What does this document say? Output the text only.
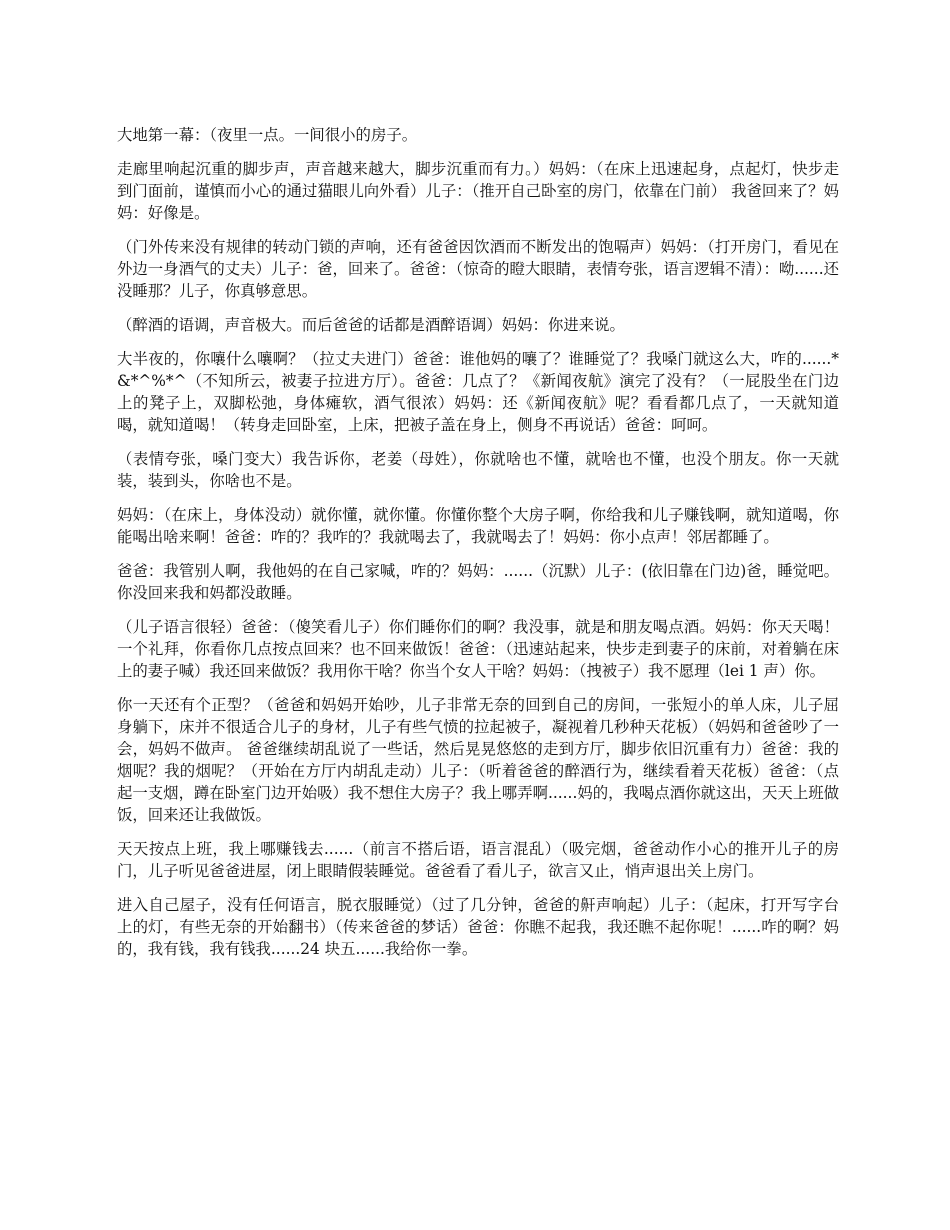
大地第一幕：（夜里一点。一间很小的房子。

走廊里响起沉重的脚步声，声音越来越大，脚步沉重而有力。）妈妈：（在床上迅速起身，点起灯，快步走到门面前，谨慎而小心的通过猫眼儿向外看）儿子：（推开自己卧室的房门，依靠在门前） 我爸回来了？妈妈：好像是。

（门外传来没有规律的转动门锁的声响，还有爸爸因饮酒而不断发出的饱嗝声）妈妈：（打开房门，看见在外边一身酒气的丈夫）儿子：爸，回来了。爸爸：（惊奇的瞪大眼睛，表情夸张，语言逻辑不清）：呦......还没睡那？儿子，你真够意思。

（醉酒的语调，声音极大。而后爸爸的话都是酒醉语调）妈妈：你进来说。

大半夜的，你嚷什么嚷啊？（拉丈夫进门）爸爸：谁他妈的嚷了？谁睡觉了？我嗓门就这么大，咋的......*&*^%*^（不知所云，被妻子拉进方厅）。爸爸：几点了？《新闻夜航》演完了没有？（一屁股坐在门边上的凳子上，双脚松弛，身体瘫软，酒气很浓）妈妈：还《新闻夜航》呢？看看都几点了，一天就知道喝，就知道喝！（转身走回卧室，上床，把被子盖在身上，侧身不再说话）爸爸：呵呵。

（表情夸张，嗓门变大）我告诉你，老姜（母姓），你就啥也不懂，就啥也不懂，也没个朋友。你一天就装，装到头，你啥也不是。

妈妈：（在床上，身体没动）就你懂，就你懂。你懂你整个大房子啊，你给我和儿子赚钱啊，就知道喝，你能喝出啥来啊！爸爸：咋的？我咋的？我就喝去了，我就喝去了！妈妈：你小点声！邻居都睡了。

爸爸：我管别人啊，我他妈的在自己家喊，咋的？妈妈：......（沉默）儿子：(依旧靠在门边)爸，睡觉吧。你没回来我和妈都没敢睡。

（儿子语言很轻）爸爸：（傻笑看儿子）你们睡你们的啊？我没事，就是和朋友喝点酒。妈妈：你天天喝！一个礼拜，你看你几点按点回来？也不回来做饭！爸爸：（迅速站起来，快步走到妻子的床前，对着躺在床上的妻子喊）我还回来做饭？我用你干啥？你当个女人干啥？妈妈：（拽被子）我不愿理（lei 1 声）你。

你一天还有个正型？（爸爸和妈妈开始吵，儿子非常无奈的回到自己的房间，一张短小的单人床，儿子屈身躺下，床并不很适合儿子的身材，儿子有些气愤的拉起被子，凝视着几秒种天花板）（妈妈和爸爸吵了一会，妈妈不做声。 爸爸继续胡乱说了一些话，然后晃晃悠悠的走到方厅，脚步依旧沉重有力）爸爸：我的烟呢？我的烟呢？（开始在方厅内胡乱走动）儿子：（听着爸爸的醉酒行为，继续看着天花板）爸爸：（点起一支烟，蹲在卧室门边开始吸）我不想住大房子？我上哪弄啊......妈的，我喝点酒你就这出，天天上班做饭，回来还让我做饭。

天天按点上班，我上哪赚钱去......（前言不搭后语，语言混乱）（吸完烟，爸爸动作小心的推开儿子的房门，儿子听见爸爸进屋，闭上眼睛假装睡觉。爸爸看了看儿子，欲言又止，悄声退出关上房门。

进入自己屋子，没有任何语言，脱衣服睡觉）（过了几分钟，爸爸的鼾声响起）儿子：（起床，打开写字台上的灯，有些无奈的开始翻书）（传来爸爸的梦话）爸爸：你瞧不起我，我还瞧不起你呢！......咋的啊？妈的，我有钱，我有钱我......24 块五......我给你一拳。
